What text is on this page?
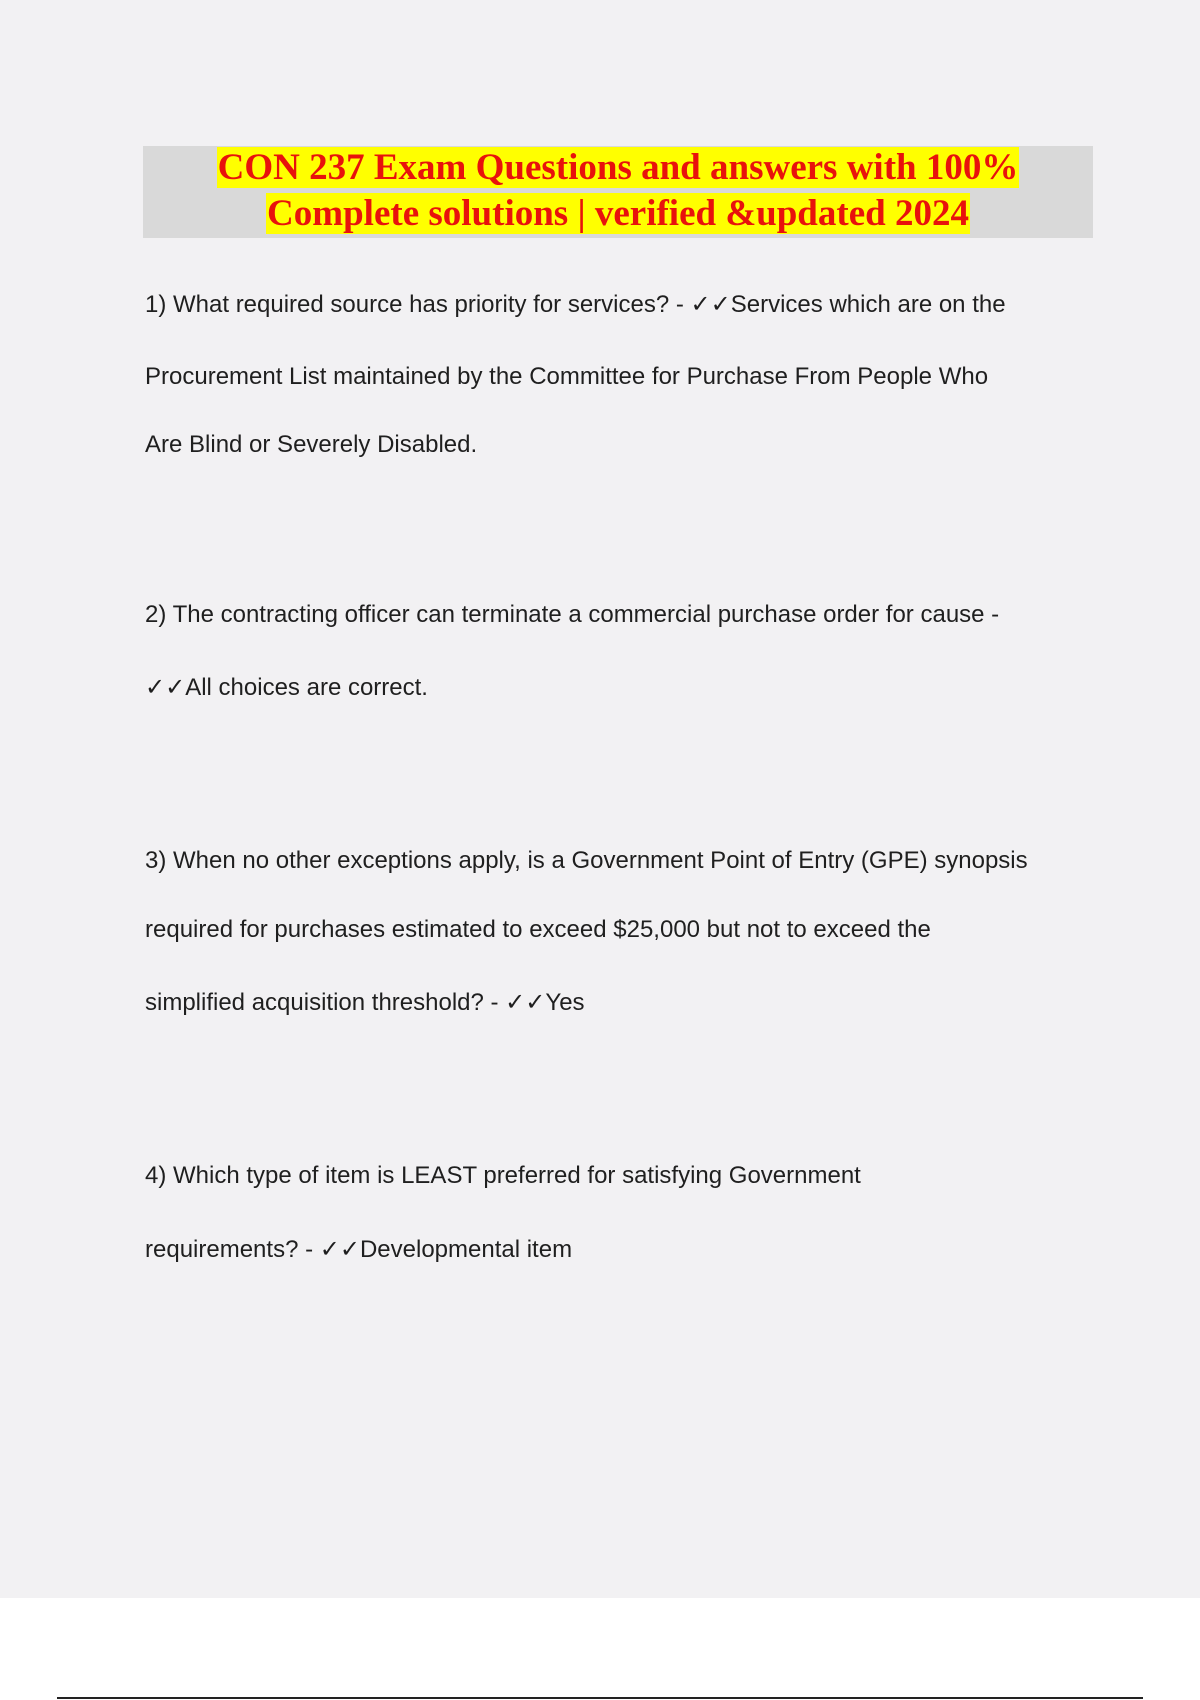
CON 237 Exam Questions and answers with 100%
Complete solutions | verified &updated 2024
1) What required source has priority for services? - ✓✓Services which are on the
Procurement List maintained by the Committee for Purchase From People Who
Are Blind or Severely Disabled.
2) The contracting officer can terminate a commercial purchase order for cause -
✓✓All choices are correct.
3) When no other exceptions apply, is a Government Point of Entry (GPE) synopsis
required for purchases estimated to exceed $25,000 but not to exceed the
simplified acquisition threshold? - ✓✓Yes
4) Which type of item is LEAST preferred for satisfying Government
requirements? - ✓✓Developmental item
